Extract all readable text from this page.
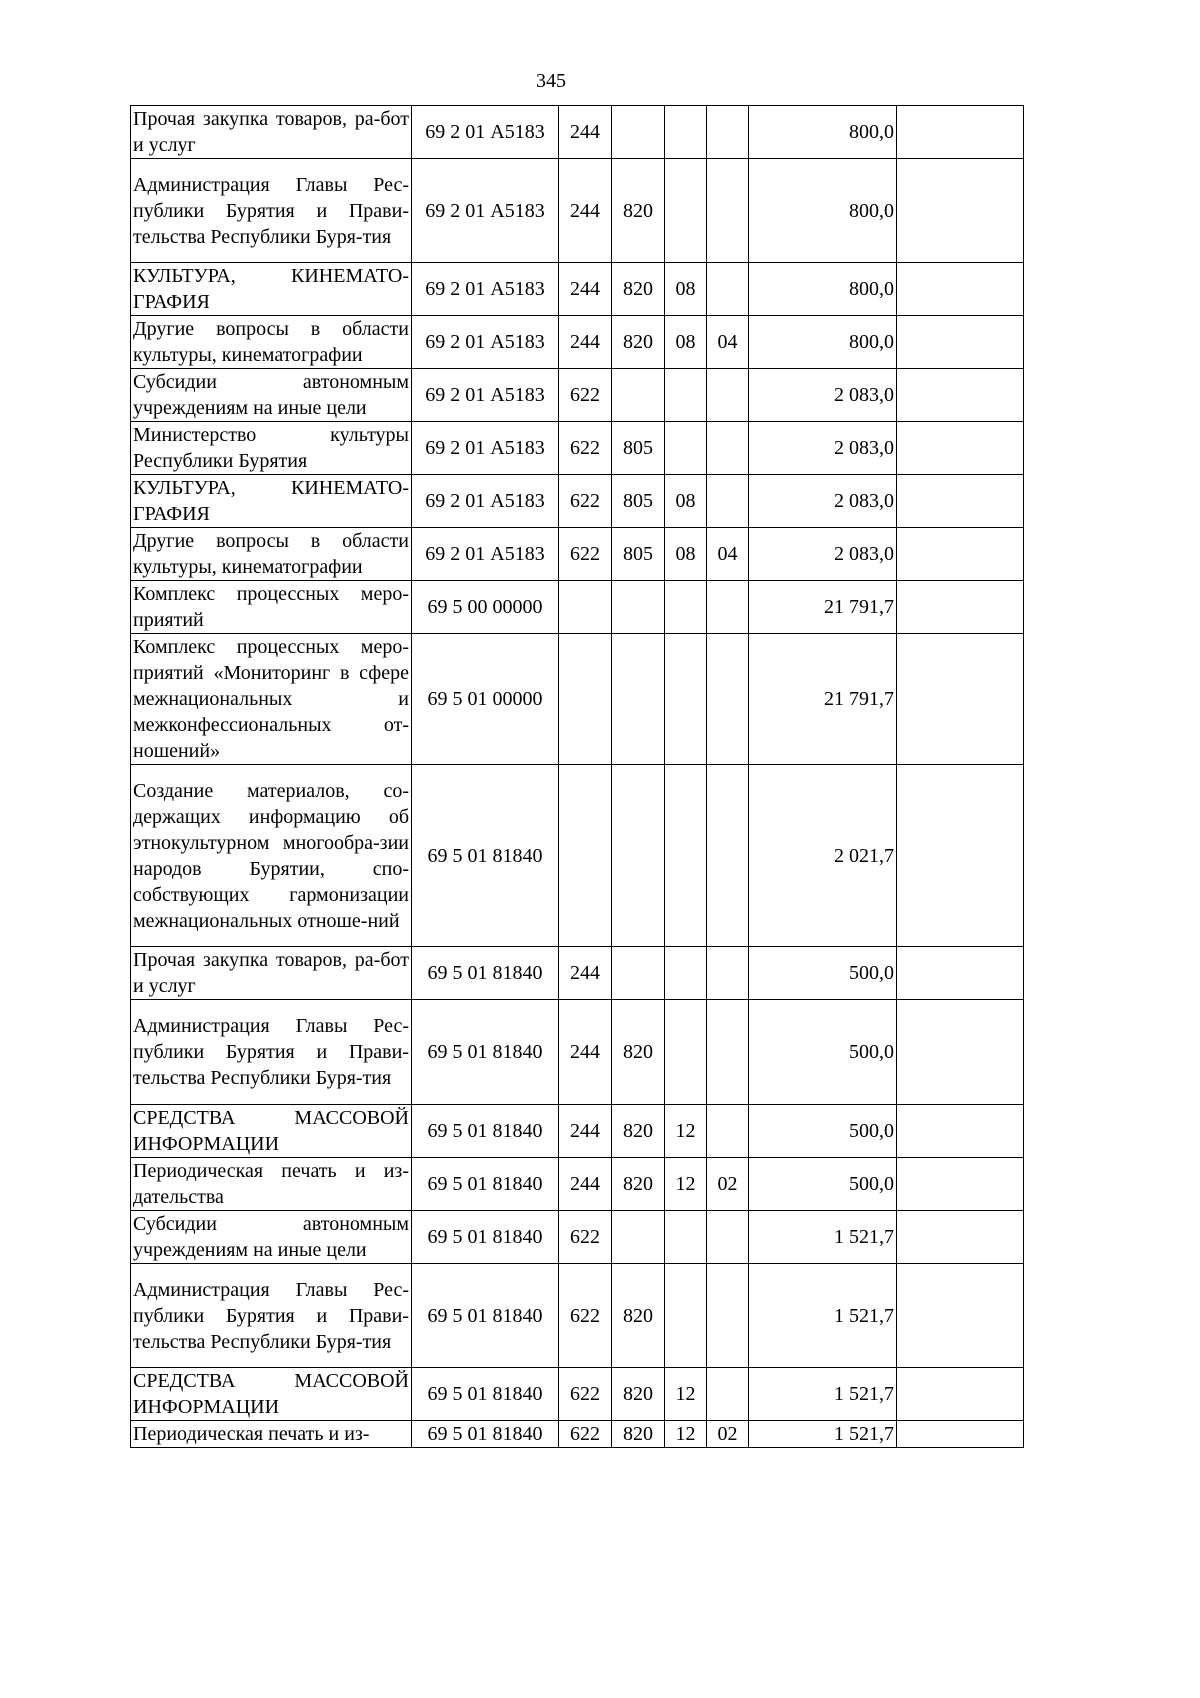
345
Прочая закупка товаров, ра-бот и услуг	69 2 01 А5183	244				800,0	
Администрация Главы Рес-публики Бурятия и Прави-тельства Республики Буря-тия	69 2 01 А5183	244	820			800,0	
КУЛЬТУРА, КИНЕМАТО-ГРАФИЯ	69 2 01 А5183	244	820	08		800,0	
Другие вопросы в области культуры, кинематографии	69 2 01 А5183	244	820	08	04	800,0	
Субсидии автономным учреждениям на иные цели	69 2 01 А5183	622				2 083,0	
Министерство культуры Республики Бурятия	69 2 01 А5183	622	805			2 083,0	
КУЛЬТУРА, КИНЕМАТО-ГРАФИЯ	69 2 01 А5183	622	805	08		2 083,0	
Другие вопросы в области культуры, кинематографии	69 2 01 А5183	622	805	08	04	2 083,0	
Комплекс процессных меро-приятий	69 5 00 00000					21 791,7	
Комплекс процессных меро-приятий «Мониторинг в сфере межнациональных и межконфессиональных от-ношений»	69 5 01 00000					21 791,7	
Создание материалов, со-держащих информацию об этнокультурном многообра-зии народов Бурятии, спо-собствующих гармонизации межнациональных отноше-ний	69 5 01 81840					2 021,7	
Прочая закупка товаров, ра-бот и услуг	69 5 01 81840	244				500,0	
Администрация Главы Рес-публики Бурятия и Прави-тельства Республики Буря-тия	69 5 01 81840	244	820			500,0	
СРЕДСТВА МАССОВОЙ ИНФОРМАЦИИ	69 5 01 81840	244	820	12		500,0	
Периодическая печать и из-дательства	69 5 01 81840	244	820	12	02	500,0	
Субсидии автономным учреждениям на иные цели	69 5 01 81840	622				1 521,7	
Администрация Главы Рес-публики Бурятия и Прави-тельства Республики Буря-тия	69 5 01 81840	622	820			1 521,7	
СРЕДСТВА МАССОВОЙ ИНФОРМАЦИИ	69 5 01 81840	622	820	12		1 521,7	
Периодическая печать и из-	69 5 01 81840	622	820	12	02	1 521,7	
